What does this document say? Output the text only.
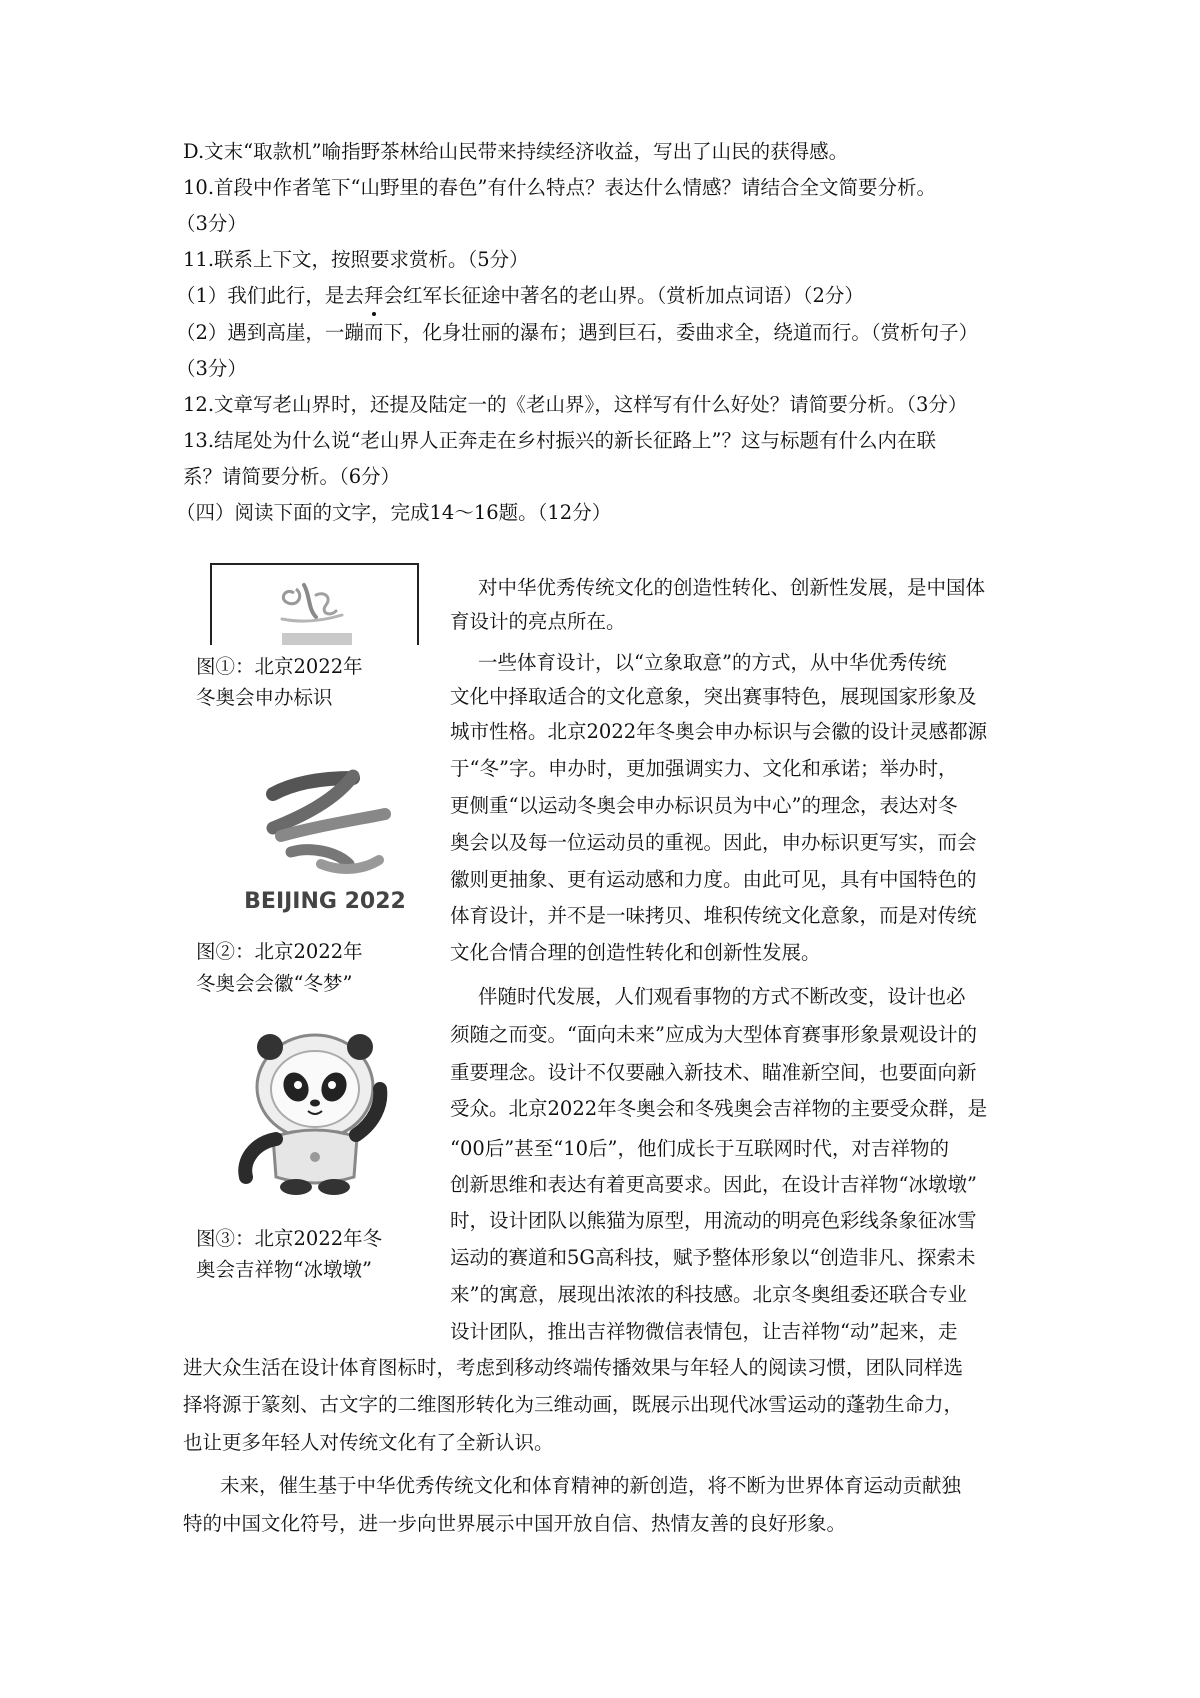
D.文末“取款机”喻指野茶林给山民带来持续经济收益，写出了山民的获得感。
10.首段中作者笔下“山野里的春色”有什么特点？表达什么情感？请结合全文简要分析。
（3分）
11.联系上下文，按照要求赏析。（5分）
（1）我们此行，是去拜会红军长征途中著名的老山界。（赏析加点词语）（2分）
（2）遇到高崖，一蹦而下，化身壮丽的瀑布；遇到巨石，委曲求全，绕道而行。（赏析句子）
（3分）
12.文章写老山界时，还提及陆定一的《老山界》，这样写有什么好处？请简要分析。（3分）
13.结尾处为什么说“老山界人正奔走在乡村振兴的新长征路上”？这与标题有什么内在联
系？请简要分析。（6分）
（四）阅读下面的文字，完成14～16题。（12分）
图①：北京2022年
冬奥会申办标识
BEIJING 2022
图②：北京2022年
冬奥会会徽“冬梦”
图③：北京2022年冬
奥会吉祥物“冰墩墩”
对中华优秀传统文化的创造性转化、创新性发展，是中国体
育设计的亮点所在。
一些体育设计，以“立象取意”的方式，从中华优秀传统
文化中择取适合的文化意象，突出赛事特色，展现国家形象及
城市性格。北京2022年冬奥会申办标识与会徽的设计灵感都源
于“冬”字。申办时，更加强调实力、文化和承诺；举办时，
更侧重“以运动冬奥会申办标识员为中心”的理念，表达对冬
奥会以及每一位运动员的重视。因此，申办标识更写实，而会
徽则更抽象、更有运动感和力度。由此可见，具有中国特色的
体育设计，并不是一味拷贝、堆积传统文化意象，而是对传统
文化合情合理的创造性转化和创新性发展。
伴随时代发展，人们观看事物的方式不断改变，设计也必
须随之而变。“面向未来”应成为大型体育赛事形象景观设计的
重要理念。设计不仅要融入新技术、瞄准新空间，也要面向新
受众。北京2022年冬奥会和冬残奥会吉祥物的主要受众群，是
“00后”甚至“10后”，他们成长于互联网时代，对吉祥物的
创新思维和表达有着更高要求。因此，在设计吉祥物“冰墩墩”
时，设计团队以熊猫为原型，用流动的明亮色彩线条象征冰雪
运动的赛道和5G高科技，赋予整体形象以“创造非凡、探索未
来”的寓意，展现出浓浓的科技感。北京冬奥组委还联合专业
设计团队，推出吉祥物微信表情包，让吉祥物“动”起来，走
进大众生活在设计体育图标时，考虑到移动终端传播效果与年轻人的阅读习惯，团队同样选
择将源于篆刻、古文字的二维图形转化为三维动画，既展示出现代冰雪运动的蓬勃生命力，
也让更多年轻人对传统文化有了全新认识。
未来，催生基于中华优秀传统文化和体育精神的新创造，将不断为世界体育运动贡献独
特的中国文化符号，进一步向世界展示中国开放自信、热情友善的良好形象。
